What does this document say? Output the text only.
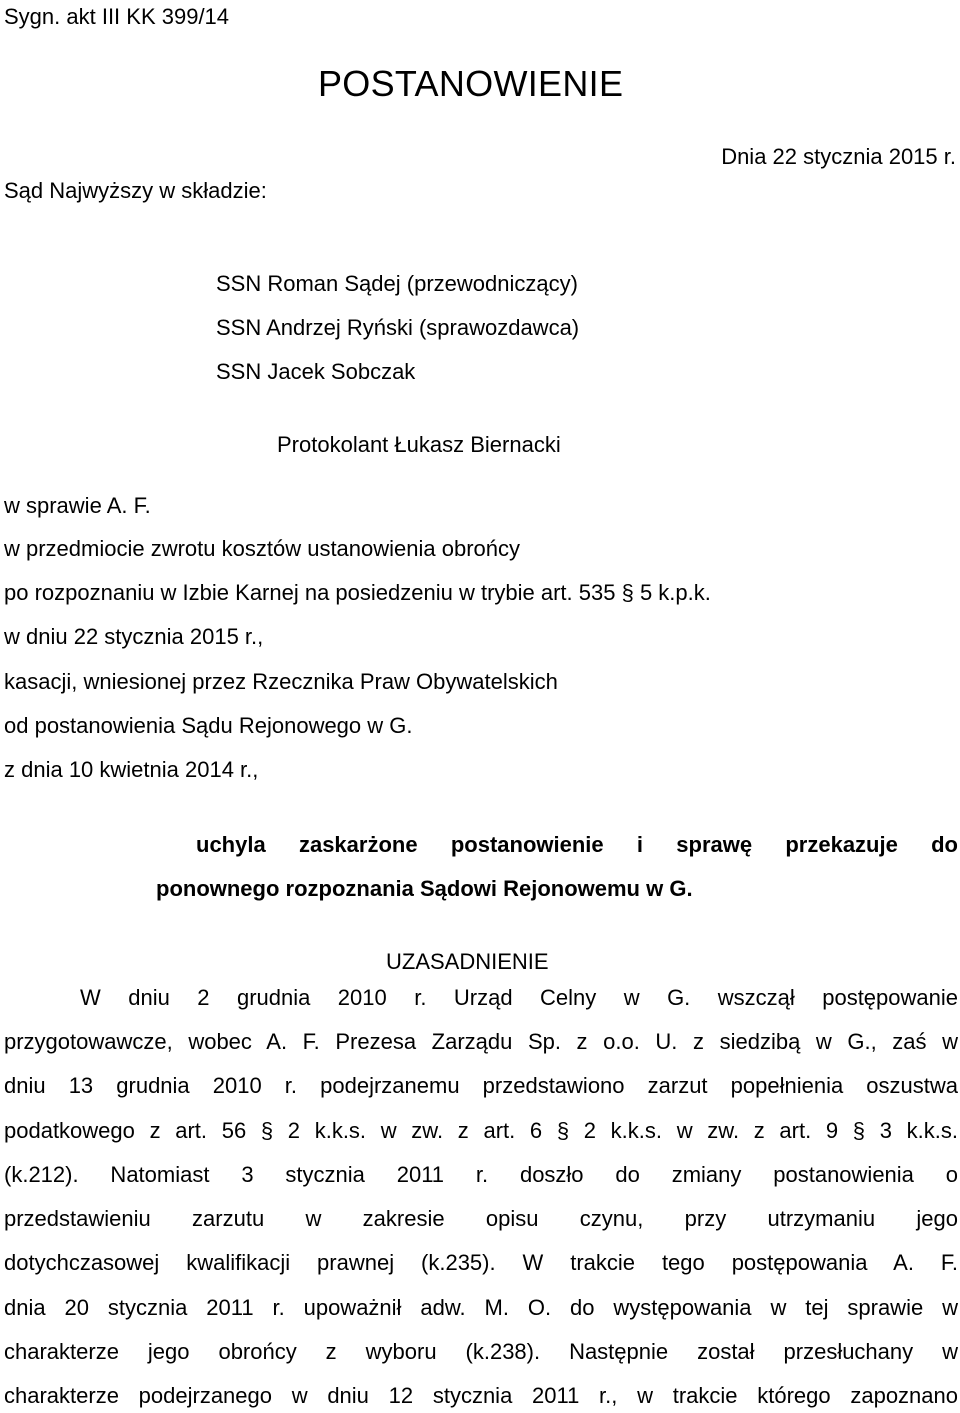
Sygn. akt III KK 399/14
POSTANOWIENIE
Dnia 22 stycznia 2015 r.
Sąd Najwyższy w składzie:
SSN Roman Sądej (przewodniczący)
SSN Andrzej Ryński (sprawozdawca)
SSN Jacek Sobczak
Protokolant Łukasz Biernacki
w sprawie A. F.
w przedmiocie zwrotu kosztów ustanowienia obrońcy
po rozpoznaniu w Izbie Karnej na posiedzeniu w trybie art. 535 § 5 k.p.k.
w dniu 22 stycznia 2015 r.,
kasacji, wniesionej przez Rzecznika Praw Obywatelskich
od postanowienia Sądu Rejonowego w G.
z dnia 10 kwietnia 2014 r.,
uchyla zaskarżone postanowienie i sprawę przekazuje do
ponownego rozpoznania Sądowi Rejonowemu w G.
UZASADNIENIE
W dniu 2 grudnia 2010 r. Urząd Celny w G. wszczął postępowanie
przygotowawcze, wobec A. F. Prezesa Zarządu Sp. z o.o. U. z siedzibą w G., zaś w
dniu 13 grudnia 2010 r. podejrzanemu przedstawiono zarzut popełnienia oszustwa
podatkowego z art. 56 § 2 k.k.s. w zw. z art. 6 § 2 k.k.s. w zw. z art. 9 § 3 k.k.s.
(k.212). Natomiast 3 stycznia 2011 r. doszło do zmiany postanowienia o
przedstawieniu zarzutu w zakresie opisu czynu, przy utrzymaniu jego
dotychczasowej kwalifikacji prawnej (k.235). W trakcie tego postępowania A. F.
dnia 20 stycznia 2011 r. upoważnił adw. M. O. do występowania w tej sprawie w
charakterze jego obrońcy z wyboru (k.238). Następnie został przesłuchany w
charakterze podejrzanego w dniu 12 stycznia 2011 r., w trakcie którego zapoznano
